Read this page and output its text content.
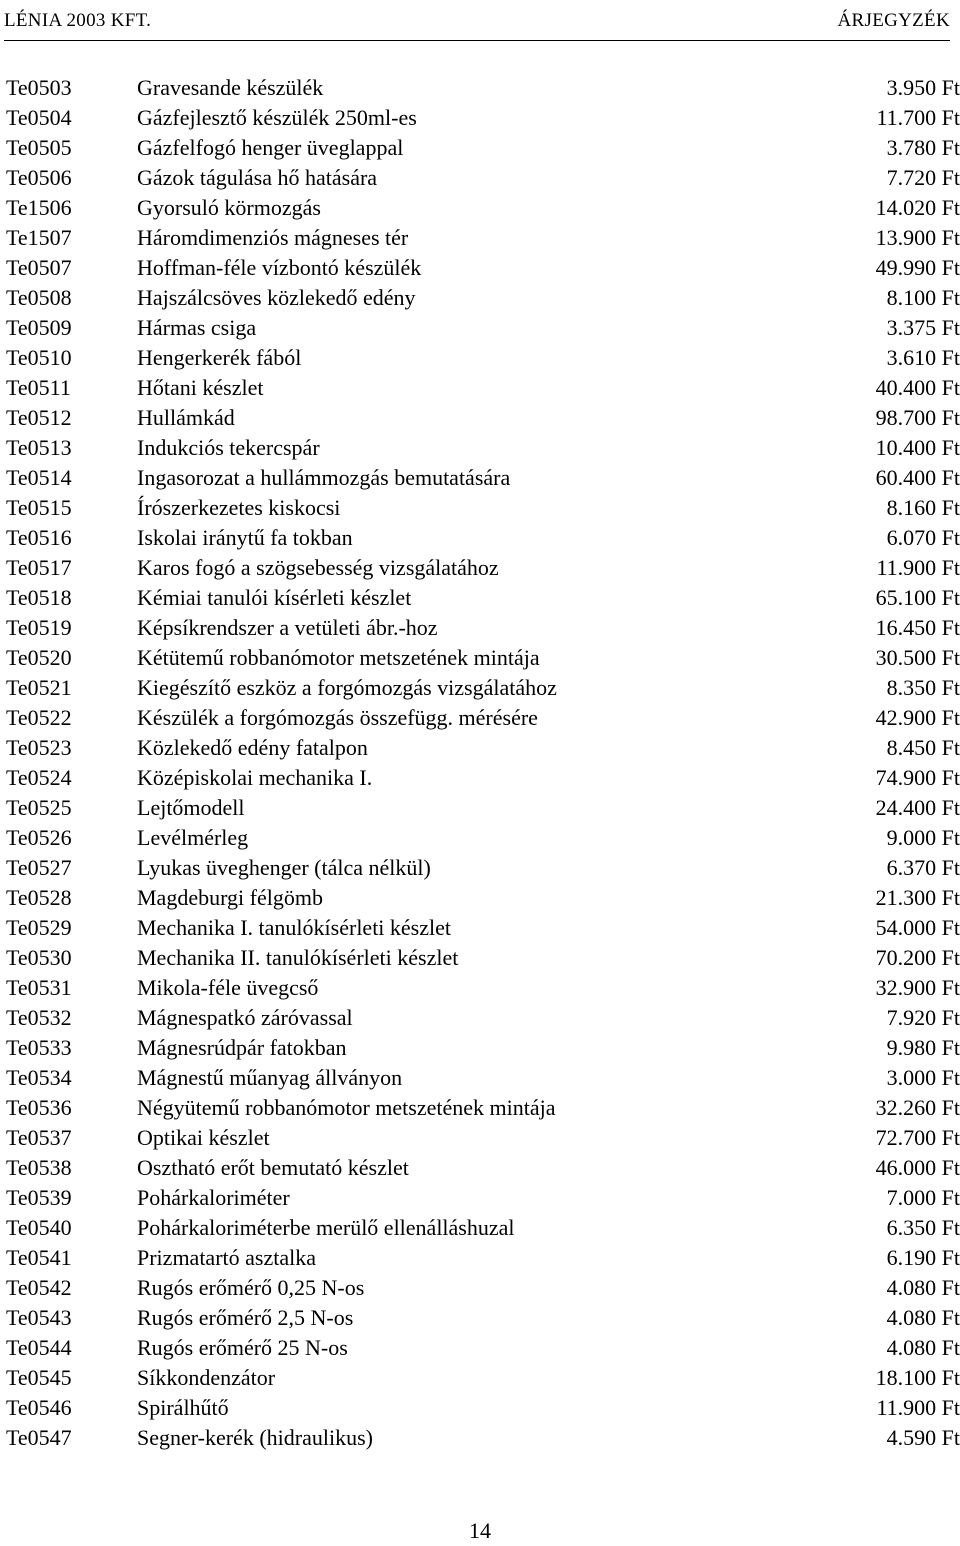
LÉNIA 2003 KFT.	ÁRJEGYZÉK
Te0503	Gravesande készülék	3.950 Ft
Te0504	Gázfejlesztő készülék 250ml-es	11.700 Ft
Te0505	Gázfelfogó henger üveglappal	3.780 Ft
Te0506	Gázok tágulása hő hatására	7.720 Ft
Te1506	Gyorsuló körmozgás	14.020 Ft
Te1507	Háromdimenziós mágneses tér	13.900 Ft
Te0507	Hoffman-féle vízbontó készülék	49.990 Ft
Te0508	Hajszálcsöves közlekedő edény	8.100 Ft
Te0509	Hármas csiga	3.375 Ft
Te0510	Hengerkerék fából	3.610 Ft
Te0511	Hőtani készlet	40.400 Ft
Te0512	Hullámkád	98.700 Ft
Te0513	Indukciós tekercspár	10.400 Ft
Te0514	Ingasorozat a hullámmozgás bemutatására	60.400 Ft
Te0515	Írószerkezetes kiskocsi	8.160 Ft
Te0516	Iskolai iránytű fa tokban	6.070 Ft
Te0517	Karos fogó a szögsebesség vizsgálatához	11.900 Ft
Te0518	Kémiai tanulói kísérleti készlet	65.100 Ft
Te0519	Képsíkrendszer a vetületi ábr.-hoz	16.450 Ft
Te0520	Kétütemű robbanómotor metszetének mintája	30.500 Ft
Te0521	Kiegészítő eszköz a forgómozgás vizsgálatához	8.350 Ft
Te0522	Készülék a forgómozgás összefügg. mérésére	42.900 Ft
Te0523	Közlekedő edény fatalpon	8.450 Ft
Te0524	Középiskolai mechanika I.	74.900 Ft
Te0525	Lejtőmodell	24.400 Ft
Te0526	Levélmérleg	9.000 Ft
Te0527	Lyukas üveghenger (tálca nélkül)	6.370 Ft
Te0528	Magdeburgi félgömb	21.300 Ft
Te0529	Mechanika I. tanulókísérleti készlet	54.000 Ft
Te0530	Mechanika II. tanulókísérleti készlet	70.200 Ft
Te0531	Mikola-féle üvegcső	32.900 Ft
Te0532	Mágnespatkó záróvassal	7.920 Ft
Te0533	Mágnesrúdpár fatokban	9.980 Ft
Te0534	Mágnestű műanyag állványon	3.000 Ft
Te0536	Négyütemű robbanómotor metszetének mintája	32.260 Ft
Te0537	Optikai készlet	72.700 Ft
Te0538	Osztható erőt bemutató készlet	46.000 Ft
Te0539	Pohárkaloriméter	7.000 Ft
Te0540	Pohárkaloriméterbe merülő ellenálláshuzal	6.350 Ft
Te0541	Prizmatartó asztalka	6.190 Ft
Te0542	Rugós erőmérő 0,25 N-os	4.080 Ft
Te0543	Rugós erőmérő 2,5 N-os	4.080 Ft
Te0544	Rugós erőmérő 25 N-os	4.080 Ft
Te0545	Síkkondenzátor	18.100 Ft
Te0546	Spirálhűtő	11.900 Ft
Te0547	Segner-kerék (hidraulikus)	4.590 Ft
14
